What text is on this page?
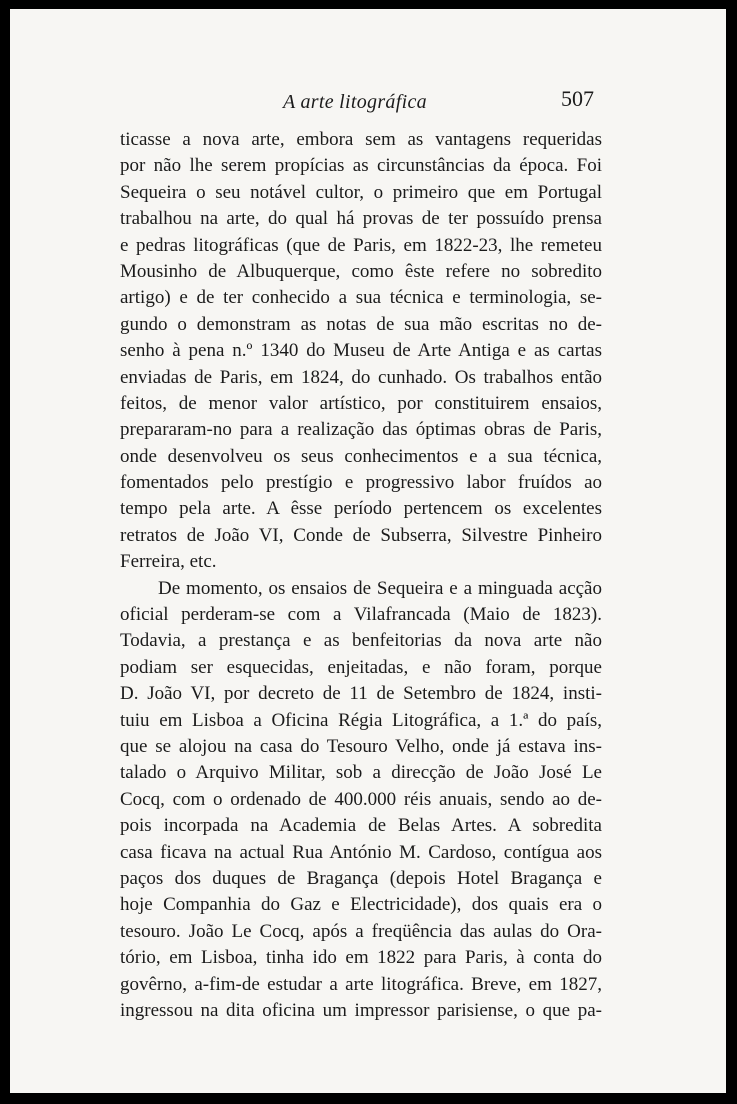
A arte litográfica	507
ticasse a nova arte, embora sem as vantagens requeridas
por não lhe serem propícias as circunstâncias da época. Foi
Sequeira o seu notável cultor, o primeiro que em Portugal
trabalhou na arte, do qual há provas de ter possuído prensa
e pedras litográficas (que de Paris, em 1822-23, lhe remeteu
Mousinho de Albuquerque, como êste refere no sobredito
artigo) e de ter conhecido a sua técnica e terminologia, se-
gundo o demonstram as notas de sua mão escritas no de-
senho à pena n.º 1340 do Museu de Arte Antiga e as cartas
enviadas de Paris, em 1824, do cunhado. Os trabalhos então
feitos, de menor valor artístico, por constituirem ensaios,
prepararam-no para a realização das óptimas obras de Paris,
onde desenvolveu os seus conhecimentos e a sua técnica,
fomentados pelo prestígio e progressivo labor fruídos ao
tempo pela arte. A êsse período pertencem os excelentes
retratos de João VI, Conde de Subserra, Silvestre Pinheiro
Ferreira, etc.
De momento, os ensaios de Sequeira e a minguada acção
oficial perderam-se com a Vilafrancada (Maio de 1823).
Todavia, a prestança e as benfeitorias da nova arte não
podiam ser esquecidas, enjeitadas, e não foram, porque
D. João VI, por decreto de 11 de Setembro de 1824, insti-
tuiu em Lisboa a Oficina Régia Litográfica, a 1.ª do país,
que se alojou na casa do Tesouro Velho, onde já estava ins-
talado o Arquivo Militar, sob a direcção de João José Le
Cocq, com o ordenado de 400.000 réis anuais, sendo ao de-
pois incorpada na Academia de Belas Artes. A sobredita
casa ficava na actual Rua António M. Cardoso, contígua aos
paços dos duques de Bragança (depois Hotel Bragança e
hoje Companhia do Gaz e Electricidade), dos quais era o
tesouro. João Le Cocq, após a freqüência das aulas do Ora-
tório, em Lisboa, tinha ido em 1822 para Paris, à conta do
govêrno, a-fim-de estudar a arte litográfica. Breve, em 1827,
ingressou na dita oficina um impressor parisiense, o que pa-
